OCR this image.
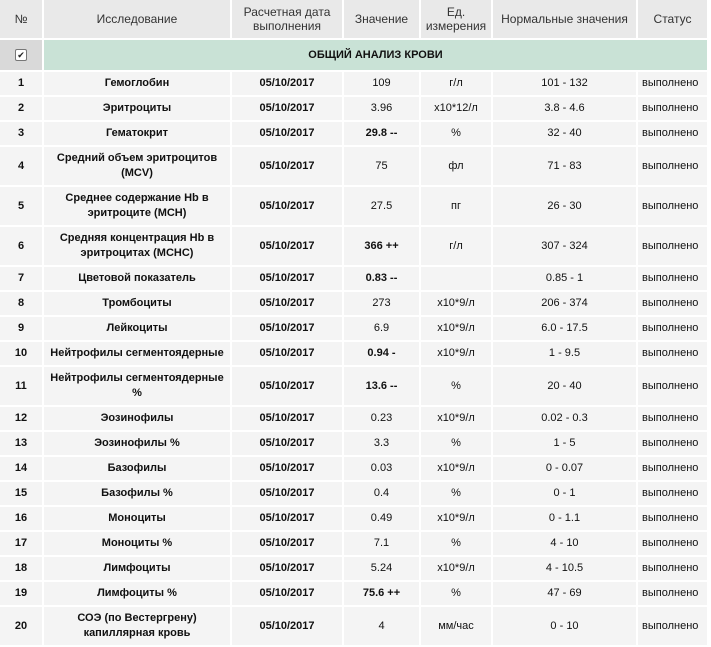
№	Исследование	Расчетная дата выполнения	Значение	Ед. измерения	Нормальные значения	Статус
✔	ОБЩИЙ АНАЛИЗ КРОВИ					
1	Гемоглобин	05/10/2017	109	г/л	101 - 132	выполнено
2	Эритроциты	05/10/2017	3.96	x10*12/л	3.8 - 4.6	выполнено
3	Гематокрит	05/10/2017	29.8 --	%	32 - 40	выполнено
4	Средний объем эритроцитов (MCV)	05/10/2017	75	фл	71 - 83	выполнено
5	Среднее содержание Hb в эритроците (MCH)	05/10/2017	27.5	пг	26 - 30	выполнено
6	Средняя концентрация Hb в эритроцитах (MCHC)	05/10/2017	366 ++	г/л	307 - 324	выполнено
7	Цветовой показатель	05/10/2017	0.83 --		0.85 - 1	выполнено
8	Тромбоциты	05/10/2017	273	x10*9/л	206 - 374	выполнено
9	Лейкоциты	05/10/2017	6.9	x10*9/л	6.0 - 17.5	выполнено
10	Нейтрофилы сегментоядерные	05/10/2017	0.94 -	x10*9/л	1 - 9.5	выполнено
11	Нейтрофилы сегментоядерные %	05/10/2017	13.6 --	%	20 - 40	выполнено
12	Эозинофилы	05/10/2017	0.23	x10*9/л	0.02 - 0.3	выполнено
13	Эозинофилы %	05/10/2017	3.3	%	1 - 5	выполнено
14	Базофилы	05/10/2017	0.03	x10*9/л	0 - 0.07	выполнено
15	Базофилы %	05/10/2017	0.4	%	0 - 1	выполнено
16	Моноциты	05/10/2017	0.49	x10*9/л	0 - 1.1	выполнено
17	Моноциты %	05/10/2017	7.1	%	4 - 10	выполнено
18	Лимфоциты	05/10/2017	5.24	x10*9/л	4 - 10.5	выполнено
19	Лимфоциты %	05/10/2017	75.6 ++	%	47 - 69	выполнено
20	СОЭ (по Вестергрену) капиллярная кровь	05/10/2017	4	мм/час	0 - 10	выполнено
